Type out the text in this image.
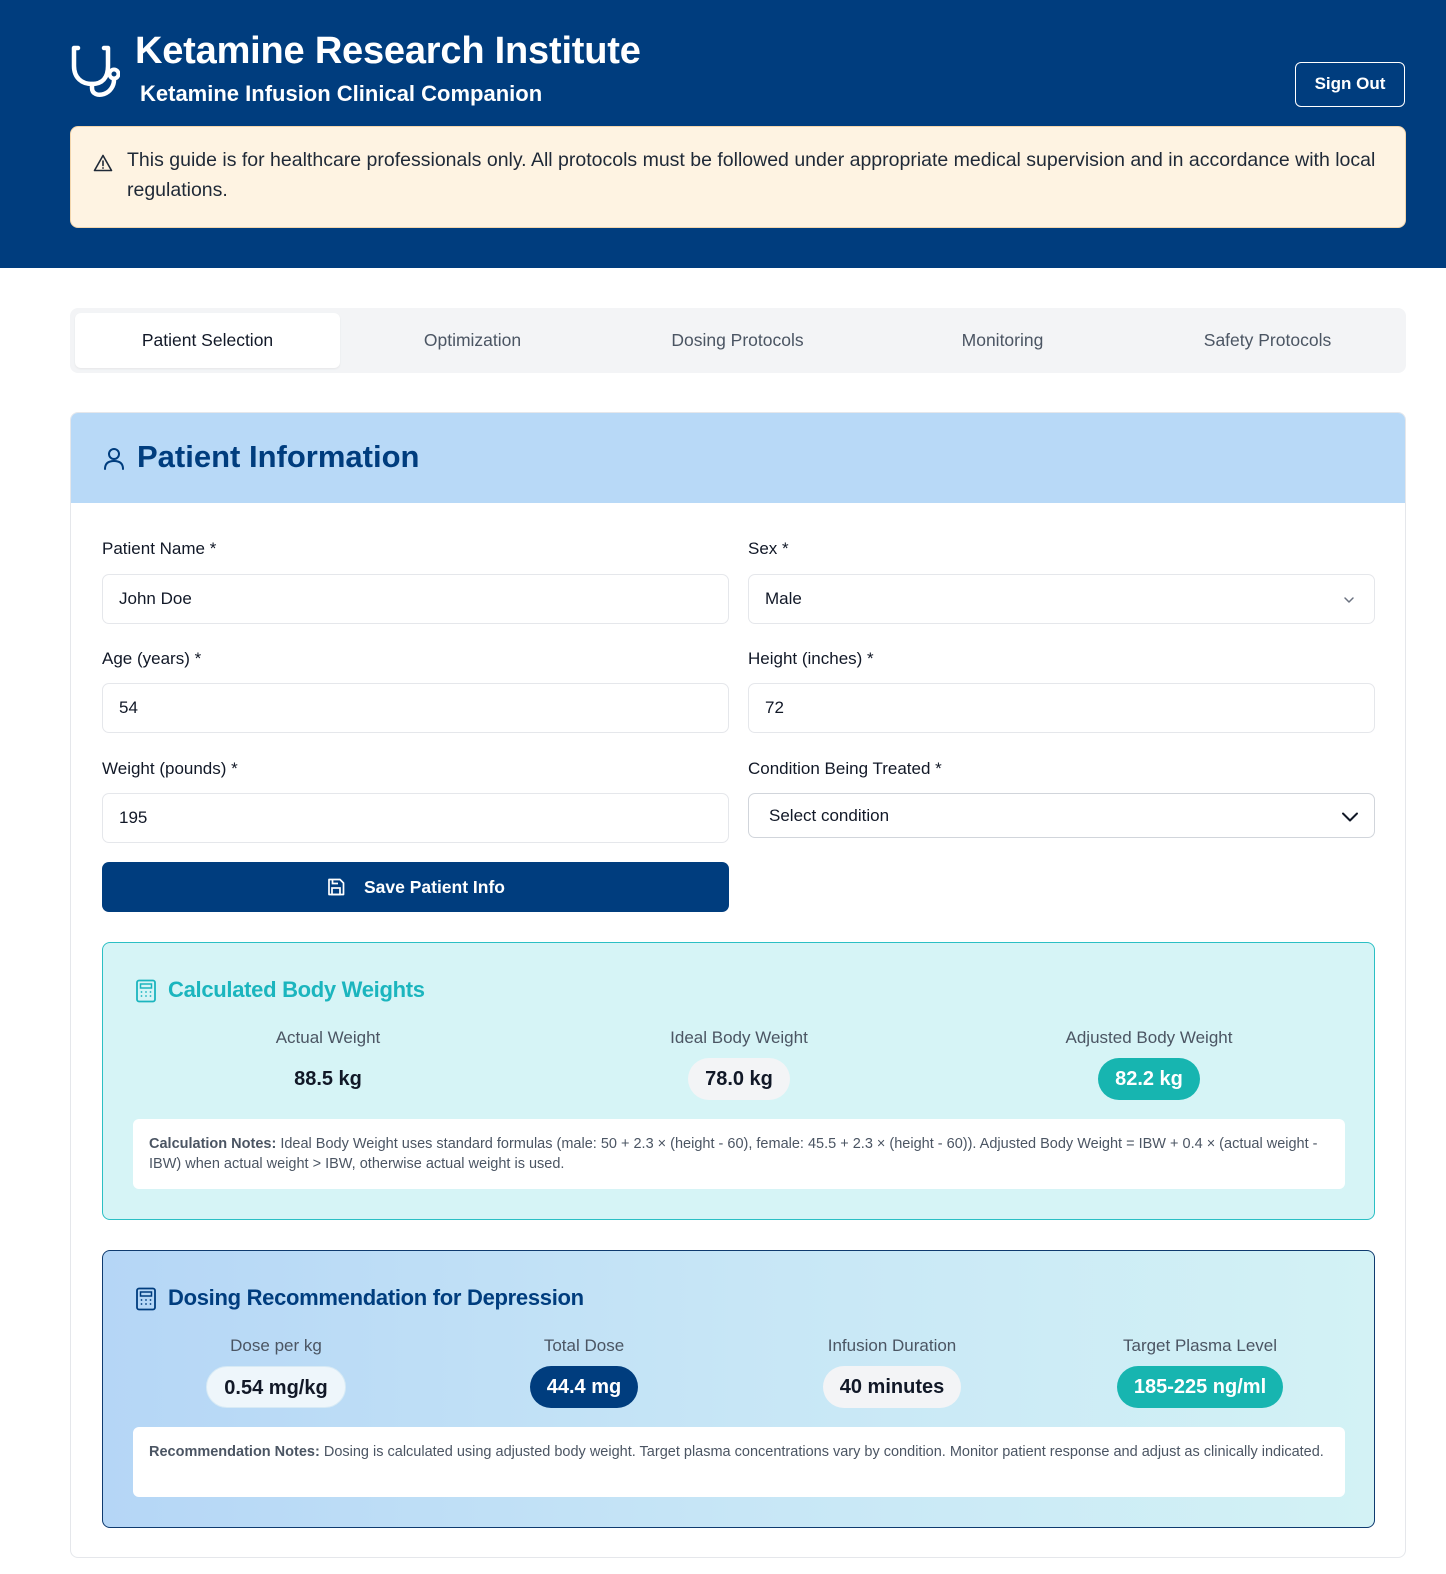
Ketamine Research Institute
Ketamine Infusion Clinical Companion	Sign Out
This guide is for healthcare professionals only. All protocols must be followed under appropriate medical supervision and in accordance with local regulations.
Patient Selection	Optimization	Dosing Protocols	Monitoring	Safety Protocols
Patient Information
Patient Name *
John Doe
Sex *
Male
Age (years) *
54
Height (inches) *
72
Weight (pounds) *
195
Condition Being Treated *
Select condition
Save Patient Info
Calculated Body Weights
Actual Weight
88.5 kg
Ideal Body Weight
78.0 kg
Adjusted Body Weight
82.2 kg
Calculation Notes: Ideal Body Weight uses standard formulas (male: 50 + 2.3 × (height - 60), female: 45.5 + 2.3 × (height - 60)). Adjusted Body Weight = IBW + 0.4 × (actual weight - IBW) when actual weight > IBW, otherwise actual weight is used.
Dosing Recommendation for Depression
Dose per kg
0.54 mg/kg
Total Dose
44.4 mg
Infusion Duration
40 minutes
Target Plasma Level
185-225 ng/ml
Recommendation Notes: Dosing is calculated using adjusted body weight. Target plasma concentrations vary by condition. Monitor patient response and adjust as clinically indicated.
